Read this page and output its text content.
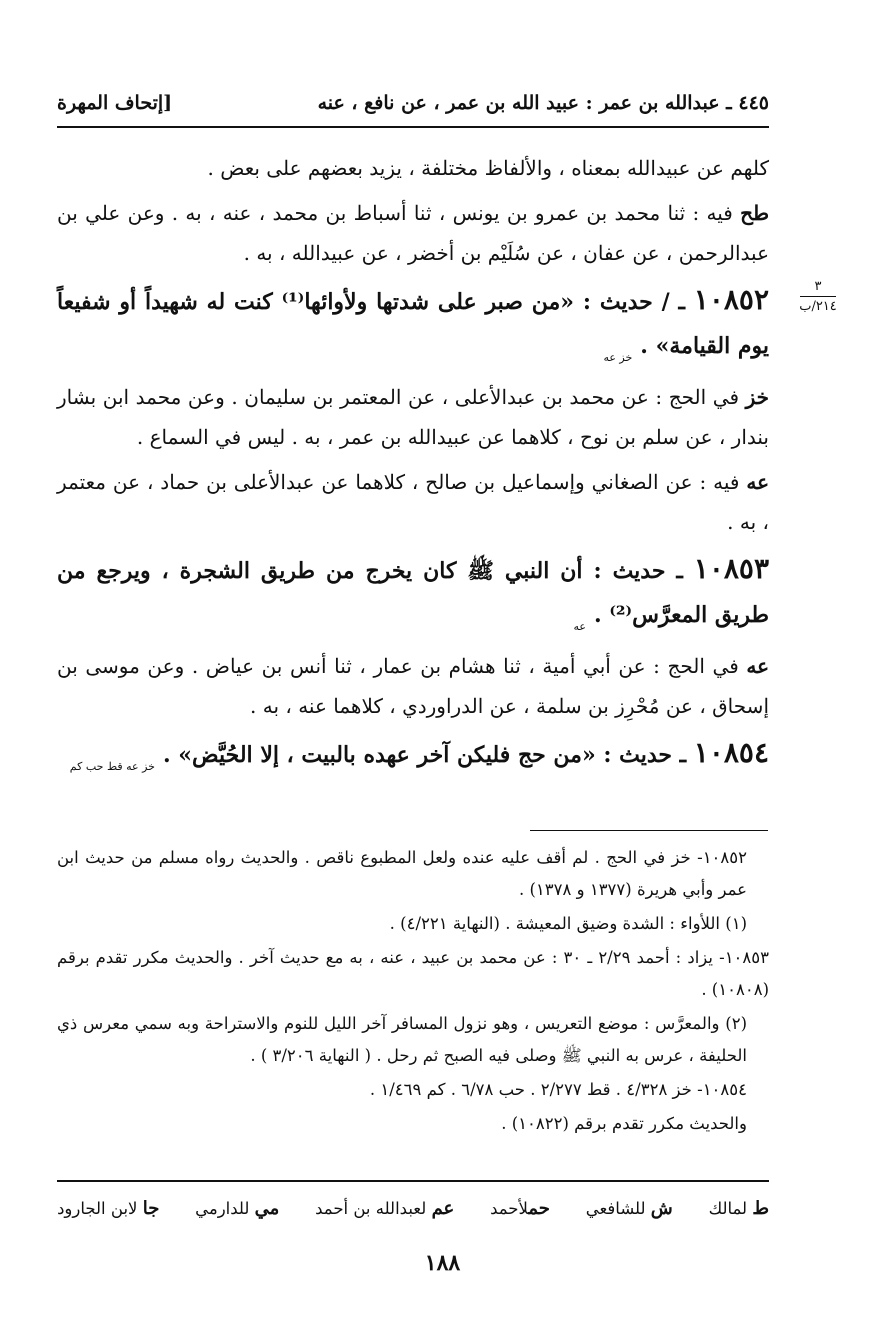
٤٤٥ ـ عبدالله بن عمر : عبيد الله بن عمر ، عن نافع ، عنه
[إتحاف المهرة
٣
٢١٤/ب

كلهم عن عبيدالله بمعناه ، والألفاظ مختلفة ، يزيد بعضهم على بعض .

طح فيه : ثنا محمد بن عمرو بن يونس ، ثنا أسباط بن محمد ، عنه ، به . وعن علي بن عبدالرحمن ، عن عفان ، عن سُلَيْم بن أخضر ، عن عبيدالله ، به .

١٠٨٥٢ ـ / حديث : «من صبر على شدتها ولأوائها⁽¹⁾ كنت له شهيداً أو شفيعاً يوم القيامة» $._{خز عه}$

خز في الحج : عن محمد بن عبدالأعلى ، عن المعتمر بن سليمان . وعن محمد ابن بشار بندار ، عن سلم بن نوح ، كلاهما عن عبيدالله بن عمر ، به . ليس في السماع .

عه فيه : عن الصغاني وإسماعيل بن صالح ، كلاهما عن عبدالأعلى بن حماد ، عن معتمر ، به .

١٠٨٥٣ ـ حديث : أن النبي ﷺ كان يخرج من طريق الشجرة ، ويرجع من طريق المعرَّس⁽²⁾ $._{عه}$

عه في الحج : عن أبي أمية ، ثنا هشام بن عمار ، ثنا أنس بن عياض . وعن موسى بن إسحاق ، عن مُحْرِز بن سلمة ، عن الدراوردي ، كلاهما عنه ، به .

١٠٨٥٤ ـ حديث : «من حج فليكن آخر عهده بالبيت ، إلا الحُيَّض» $._{خز عه قط حب كم}$

١٠٨٥٢- خز في الحج . لم أقف عليه عنده ولعل المطبوع ناقص . والحديث رواه مسلم من حديث ابن عمر وأبي هريرة (١٣٧٧ و ١٣٧٨) .

(١) اللأواء : الشدة وضيق المعيشة . (النهاية ٤/٢٢١) .

١٠٨٥٣- يزاد : أحمد ٢/٢٩ ـ ٣٠ : عن محمد بن عبيد ، عنه ، به مع حديث آخر . والحديث مكرر تقدم برقم (١٠٨٠٨) .

(٢) والمعرَّس : موضع التعريس ، وهو نزول المسافر آخر الليل للنوم والاستراحة وبه سمي معرس ذي الحليفة ، عرس به النبي ﷺ وصلى فيه الصبح ثم رحل . ( النهاية ٣/٢٠٦ ) .

١٠٨٥٤- خز ٤/٣٢٨ . قط ٢/٢٧٧ . حب ٦/٧٨ . كم ١/٤٦٩ .

والحديث مكرر تقدم برقم (١٠٨٢٢) .

ط لمالك
ش للشافعي
حملأحمد
عم لعبدالله بن أحمد
مي للدارمي
جا لابن الجارود
١٨٨
